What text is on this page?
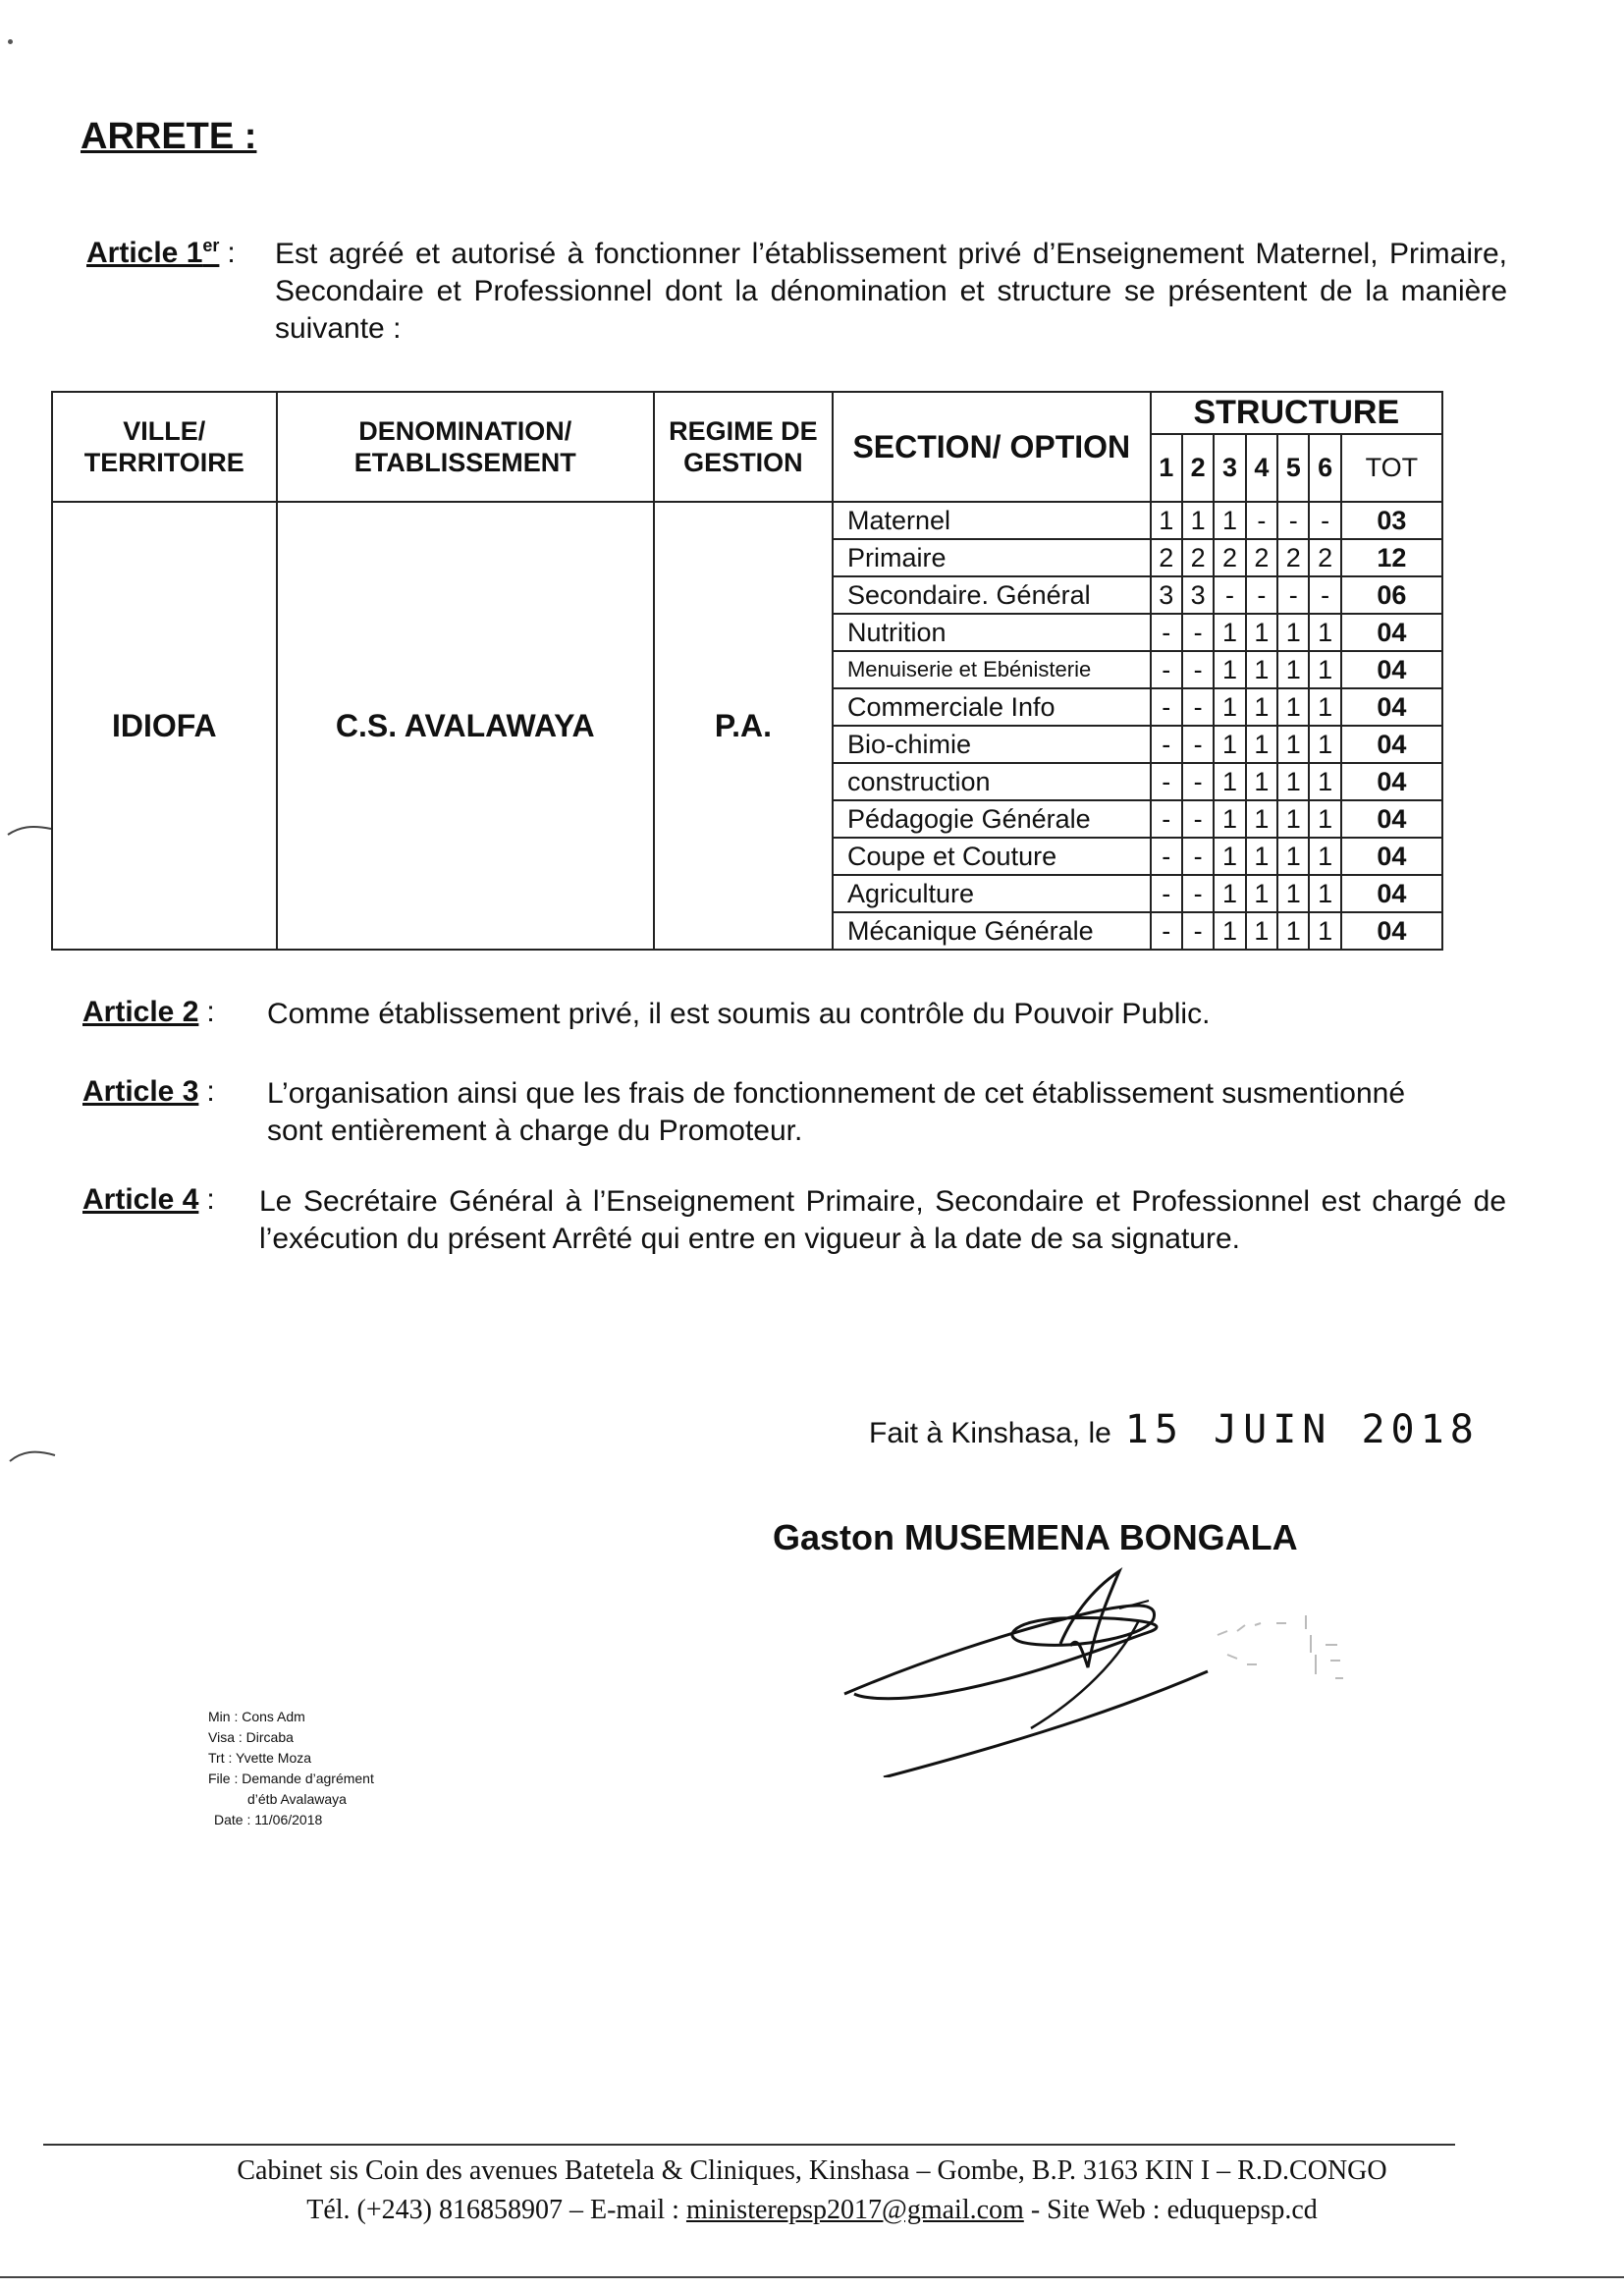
ARRETE :
Article 1er : Est agréé et autorisé à fonctionner l’établissement privé d’Enseignement Maternel, Primaire, Secondaire et Professionnel dont la dénomination et structure se présentent de la manière suivante :
VILLE/ TERRITOIRE	DENOMINATION/ ETABLISSEMENT	REGIME DE GESTION	SECTION/ OPTION	STRUCTURE						
				1	2	3	4	5	6	TOT
IDIOFA	C.S. AVALAWAYA	P.A.	Maternel	1	1	1	-	-	-	03
			Primaire	2	2	2	2	2	2	12
			Secondaire. Général	3	3	-	-	-	-	06
			Nutrition	-	-	1	1	1	1	04
			Menuiserie et Ebénisterie	-	-	1	1	1	1	04
			Commerciale Info	-	-	1	1	1	1	04
			Bio-chimie	-	-	1	1	1	1	04
			construction	-	-	1	1	1	1	04
			Pédagogie Générale	-	-	1	1	1	1	04
			Coupe et Couture	-	-	1	1	1	1	04
			Agriculture	-	-	1	1	1	1	04
			Mécanique Générale	-	-	1	1	1	1	04
Article 2 : Comme établissement privé, il est soumis au contrôle du Pouvoir Public.
Article 3 : L’organisation ainsi que les frais de fonctionnement de cet établissement susmentionné sont entièrement à charge du Promoteur.
Article 4 : Le Secrétaire Général à l’Enseignement Primaire, Secondaire et Professionnel est chargé de l’exécution du présent Arrêté qui entre en vigueur à la date de sa signature.
Fait à Kinshasa, le 15 JUIN 2018
Gaston MUSEMENA BONGALA
Min : Cons Adm
Visa : Dircaba
Trt : Yvette Moza
File : Demande d’agrément
d’étb Avalawaya
Date : 11/06/2018
Cabinet sis Coin des avenues Batetela & Cliniques, Kinshasa – Gombe, B.P. 3163 KIN I – R.D.CONGO
Tél. (+243) 816858907 – E-mail : ministerepsp2017@gmail.com - Site Web : eduquepsp.cd
